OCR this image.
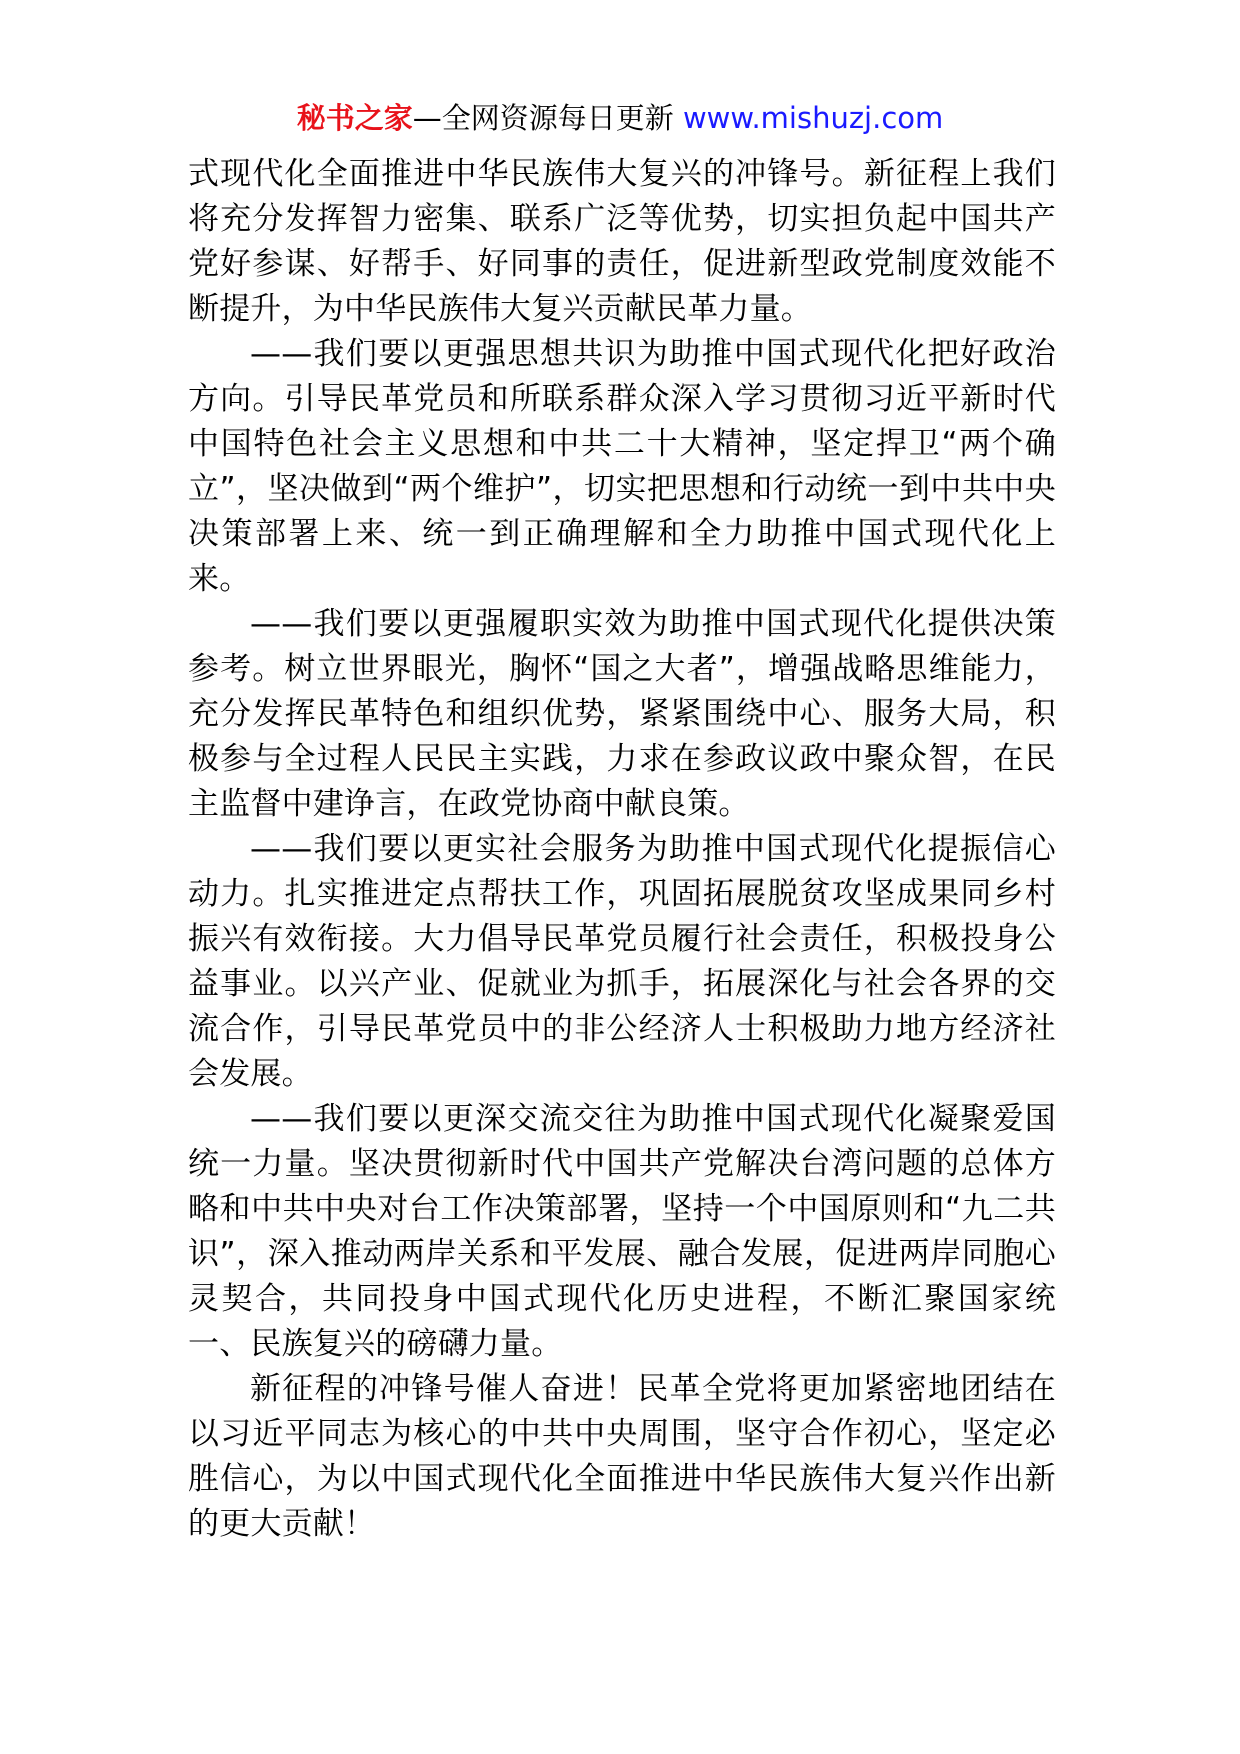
秘书之家—全网资源每日更新 www.mishuzj.com

式现代化全面推进中华民族伟大复兴的冲锋号。新征程上我们将充分发挥智力密集、联系广泛等优势，切实担负起中国共产党好参谋、好帮手、好同事的责任，促进新型政党制度效能不断提升，为中华民族伟大复兴贡献民革力量。

——我们要以更强思想共识为助推中国式现代化把好政治方向。引导民革党员和所联系群众深入学习贯彻习近平新时代中国特色社会主义思想和中共二十大精神，坚定捍卫“两个确立”，坚决做到“两个维护”，切实把思想和行动统一到中共中央决策部署上来、统一到正确理解和全力助推中国式现代化上来。

——我们要以更强履职实效为助推中国式现代化提供决策参考。树立世界眼光，胸怀“国之大者”，增强战略思维能力，充分发挥民革特色和组织优势，紧紧围绕中心、服务大局，积极参与全过程人民民主实践，力求在参政议政中聚众智，在民主监督中建诤言，在政党协商中献良策。

——我们要以更实社会服务为助推中国式现代化提振信心动力。扎实推进定点帮扶工作，巩固拓展脱贫攻坚成果同乡村振兴有效衔接。大力倡导民革党员履行社会责任，积极投身公益事业。以兴产业、促就业为抓手，拓展深化与社会各界的交流合作，引导民革党员中的非公经济人士积极助力地方经济社会发展。

——我们要以更深交流交往为助推中国式现代化凝聚爱国统一力量。坚决贯彻新时代中国共产党解决台湾问题的总体方略和中共中央对台工作决策部署，坚持一个中国原则和“九二共识”，深入推动两岸关系和平发展、融合发展，促进两岸同胞心灵契合，共同投身中国式现代化历史进程，不断汇聚国家统一、民族复兴的磅礴力量。

新征程的冲锋号催人奋进！民革全党将更加紧密地团结在以习近平同志为核心的中共中央周围，坚守合作初心，坚定必胜信心，为以中国式现代化全面推进中华民族伟大复兴作出新的更大贡献！
